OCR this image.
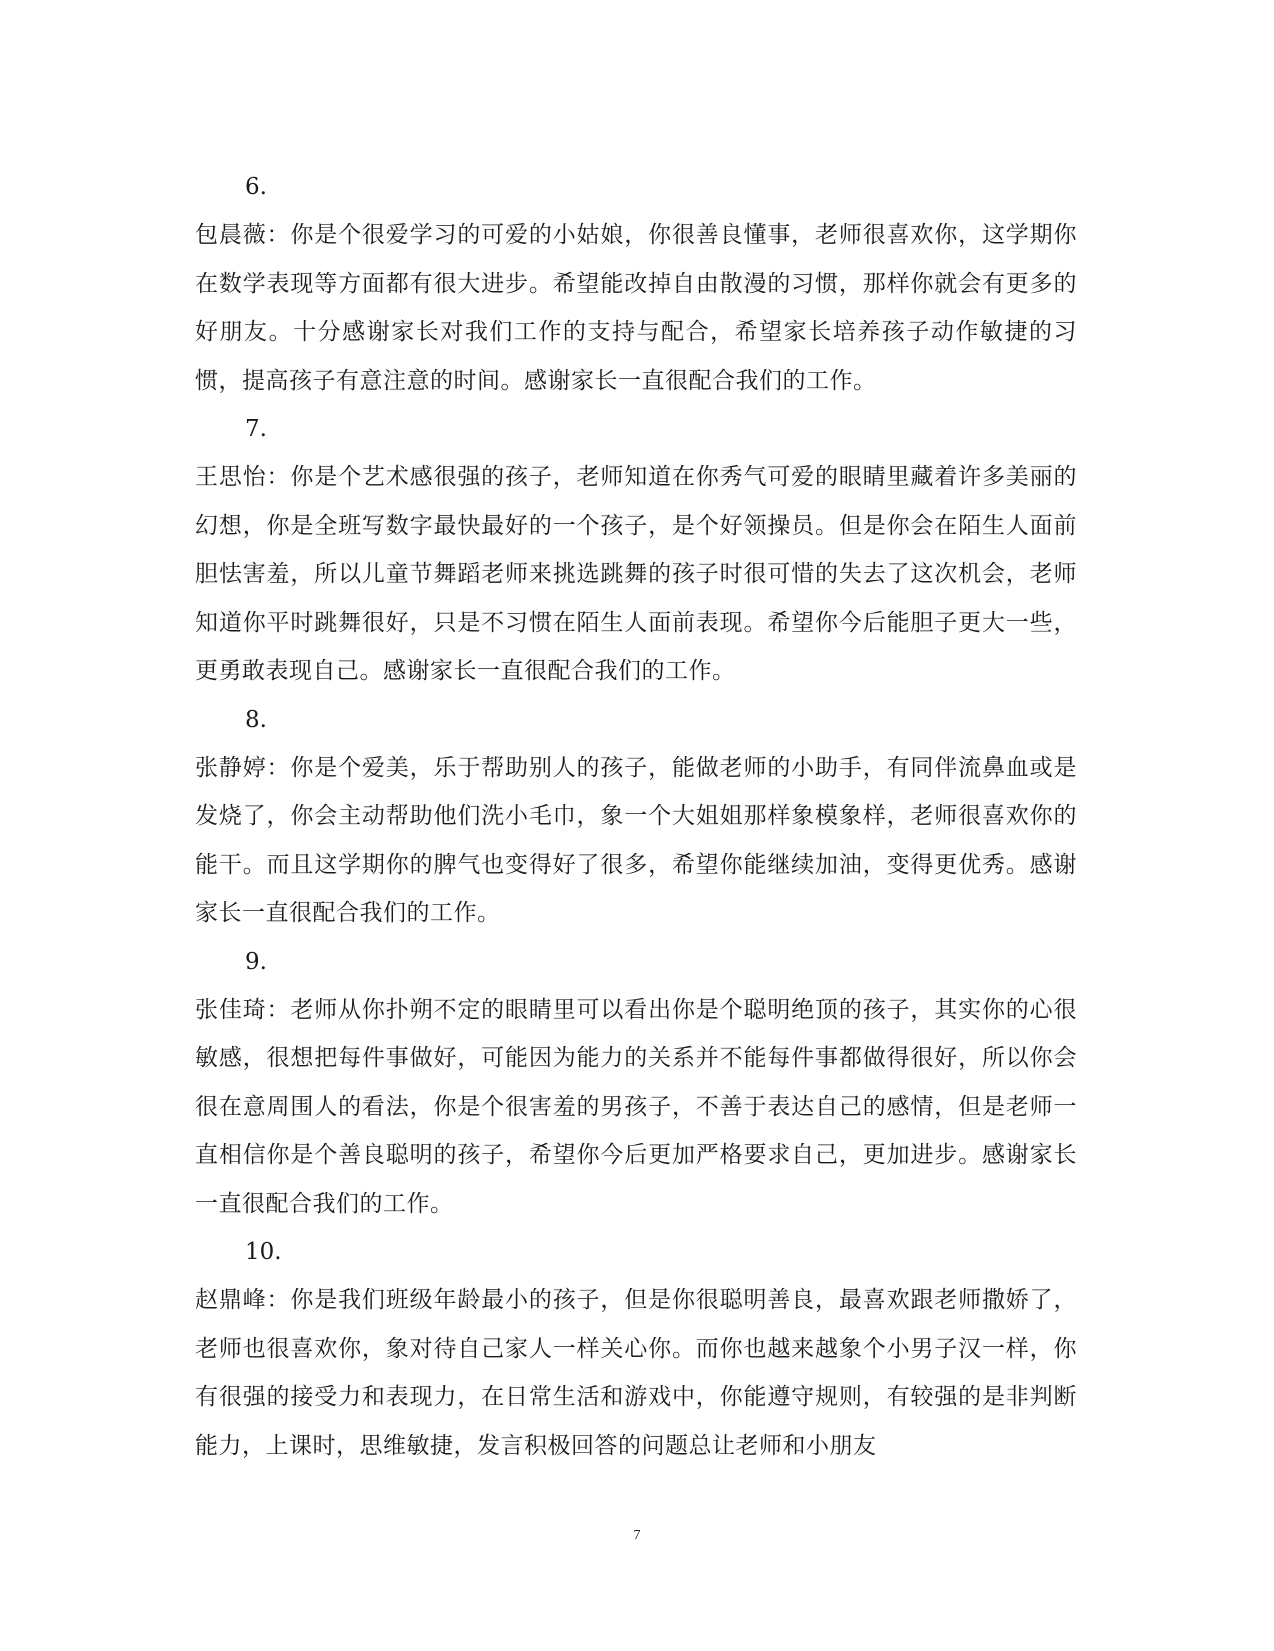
6.

包晨薇：你是个很爱学习的可爱的小姑娘，你很善良懂事，老师很喜欢你，这学期你在数学表现等方面都有很大进步。希望能改掉自由散漫的习惯，那样你就会有更多的好朋友。十分感谢家长对我们工作的支持与配合，希望家长培养孩子动作敏捷的习惯，提高孩子有意注意的时间。感谢家长一直很配合我们的工作。

7.

王思怡：你是个艺术感很强的孩子，老师知道在你秀气可爱的眼睛里藏着许多美丽的幻想，你是全班写数字最快最好的一个孩子，是个好领操员。但是你会在陌生人面前胆怯害羞，所以儿童节舞蹈老师来挑选跳舞的孩子时很可惜的失去了这次机会，老师知道你平时跳舞很好，只是不习惯在陌生人面前表现。希望你今后能胆子更大一些，更勇敢表现自己。感谢家长一直很配合我们的工作。

8.

张静婷：你是个爱美，乐于帮助别人的孩子，能做老师的小助手，有同伴流鼻血或是发烧了，你会主动帮助他们洗小毛巾，象一个大姐姐那样象模象样，老师很喜欢你的能干。而且这学期你的脾气也变得好了很多，希望你能继续加油，变得更优秀。感谢家长一直很配合我们的工作。

9.

张佳琦：老师从你扑朔不定的眼睛里可以看出你是个聪明绝顶的孩子，其实你的心很敏感，很想把每件事做好，可能因为能力的关系并不能每件事都做得很好，所以你会很在意周围人的看法，你是个很害羞的男孩子，不善于表达自己的感情，但是老师一直相信你是个善良聪明的孩子，希望你今后更加严格要求自己，更加进步。感谢家长一直很配合我们的工作。

10.

赵鼎峰：你是我们班级年龄最小的孩子，但是你很聪明善良，最喜欢跟老师撒娇了，老师也很喜欢你，象对待自己家人一样关心你。而你也越来越象个小男子汉一样，你有很强的接受力和表现力，在日常生活和游戏中，你能遵守规则，有较强的是非判断能力，上课时，思维敏捷，发言积极回答的问题总让老师和小朋友

7
